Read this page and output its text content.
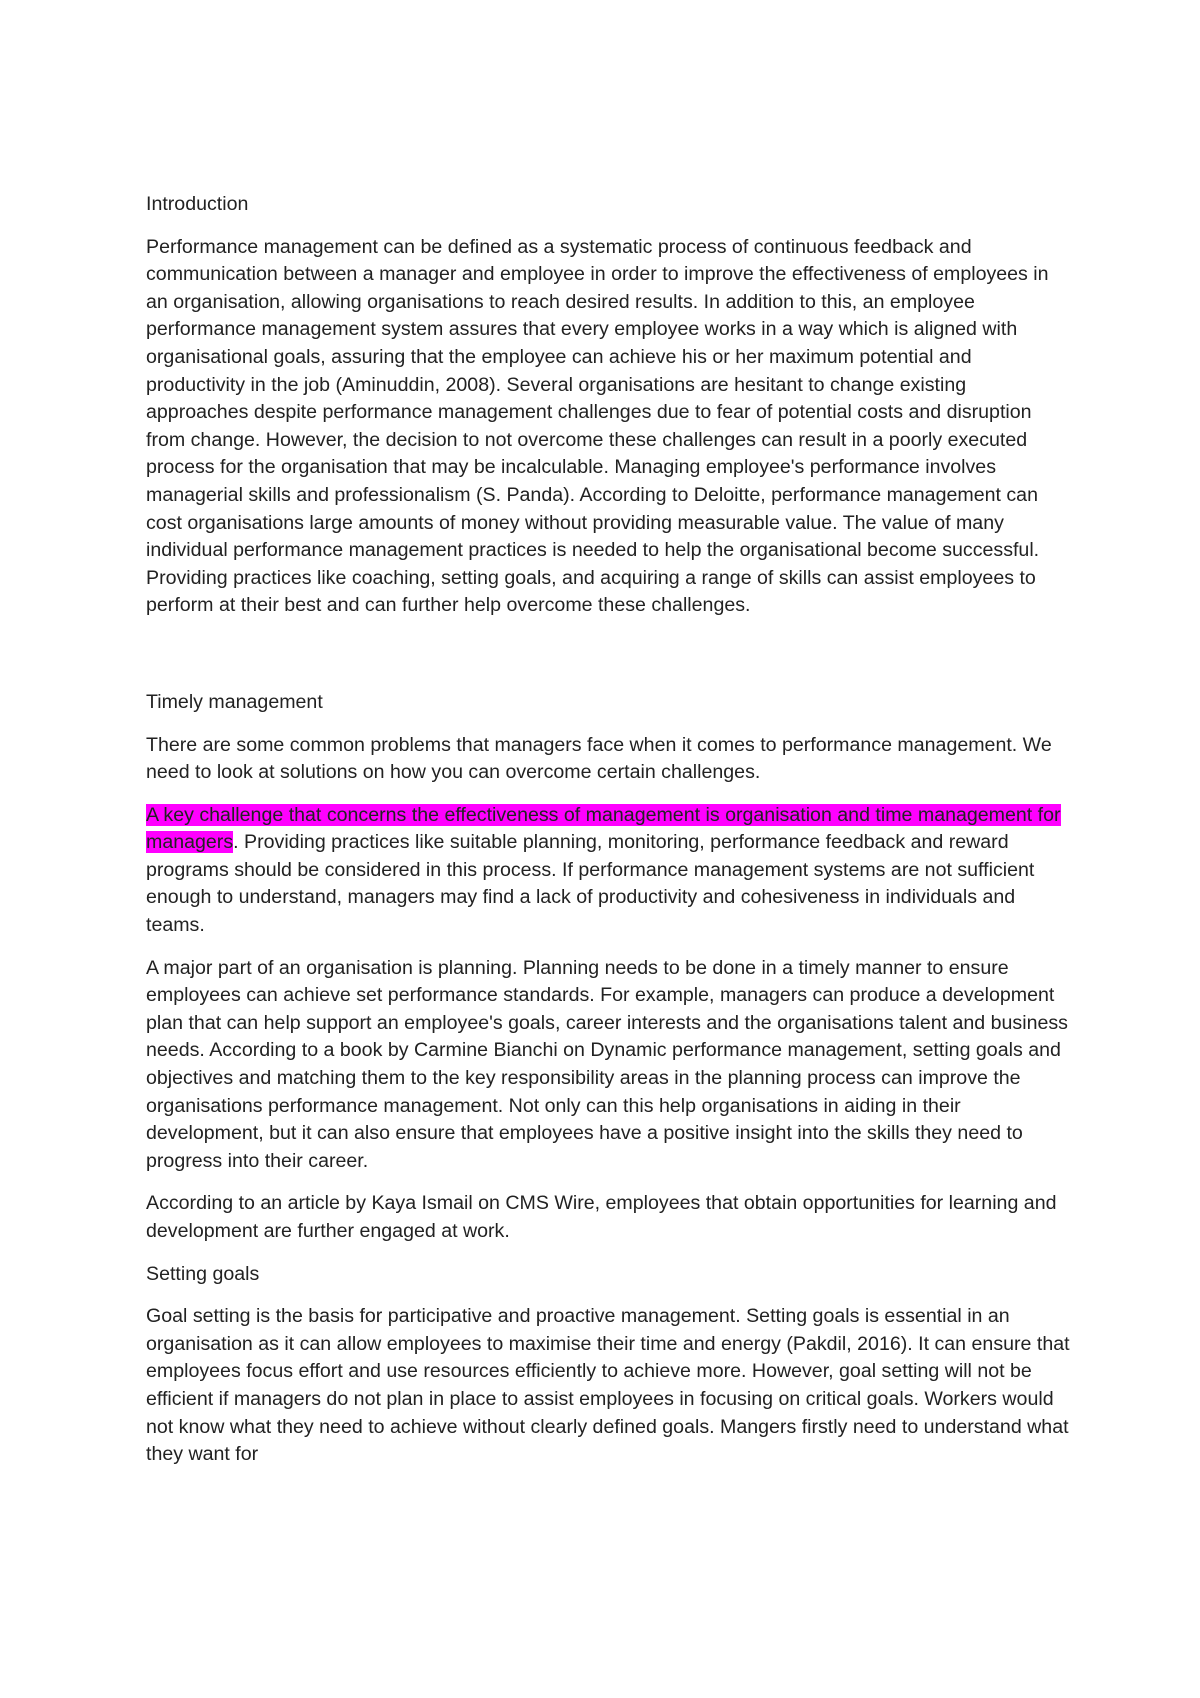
Introduction
Performance management can be defined as a systematic process of continuous feedback and communication between a manager and employee in order to improve the effectiveness of employees in an organisation, allowing organisations to reach desired results. In addition to this, an employee performance management system assures that every employee works in a way which is aligned with organisational goals, assuring that the employee can achieve his or her maximum potential and productivity in the job (Aminuddin, 2008). Several organisations are hesitant to change existing approaches despite performance management challenges due to fear of potential costs and disruption from change. However, the decision to not overcome these challenges can result in a poorly executed process for the organisation that may be incalculable. Managing employee's performance involves managerial skills and professionalism (S. Panda). According to Deloitte, performance management can cost organisations large amounts of money without providing measurable value. The value of many individual performance management practices is needed to help the organisational become successful. Providing practices like coaching, setting goals, and acquiring a range of skills can assist employees to perform at their best and can further help overcome these challenges.
Timely management
There are some common problems that managers face when it comes to performance management. We need to look at solutions on how you can overcome certain challenges.
A key challenge that concerns the effectiveness of management is organisation and time management for managers. Providing practices like suitable planning, monitoring, performance feedback and reward programs should be considered in this process. If performance management systems are not sufficient enough to understand, managers may find a lack of productivity and cohesiveness in individuals and teams.
A major part of an organisation is planning. Planning needs to be done in a timely manner to ensure employees can achieve set performance standards. For example, managers can produce a development plan that can help support an employee's goals, career interests and the organisations talent and business needs. According to a book by Carmine Bianchi on Dynamic performance management, setting goals and objectives and matching them to the key responsibility areas in the planning process can improve the organisations performance management. Not only can this help organisations in aiding in their development, but it can also ensure that employees have a positive insight into the skills they need to progress into their career.
According to an article by Kaya Ismail on CMS Wire, employees that obtain opportunities for learning and development are further engaged at work.
Setting goals
Goal setting is the basis for participative and proactive management. Setting goals is essential in an organisation as it can allow employees to maximise their time and energy (Pakdil, 2016). It can ensure that employees focus effort and use resources efficiently to achieve more. However, goal setting will not be efficient if managers do not plan in place to assist employees in focusing on critical goals. Workers would not know what they need to achieve without clearly defined goals. Mangers firstly need to understand what they want for
